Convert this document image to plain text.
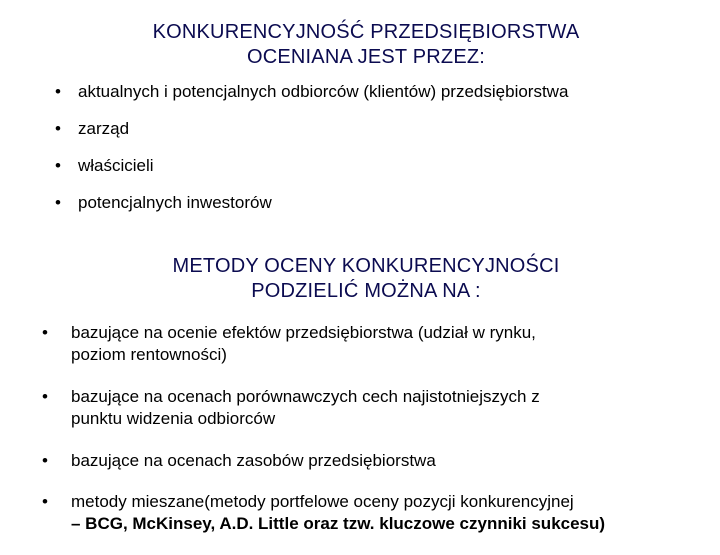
KONKURENCYJNOŚĆ PRZEDSIĘBIORSTWA
OCENIANA JEST PRZEZ:
• aktualnych i potencjalnych odbiorców (klientów) przedsiębiorstwa
• zarząd
• właścicieli
• potencjalnych inwestorów
METODY OCENY KONKURENCYJNOŚCI
PODZIELIĆ MOŻNA NA :
• bazujące na ocenie efektów przedsiębiorstwa (udział w rynku,
poziom rentowności)
• bazujące na ocenach porównawczych cech najistotniejszych z
punktu widzenia odbiorców
• bazujące na ocenach zasobów przedsiębiorstwa
• metody mieszane(metody portfelowe oceny pozycji konkurencyjnej
– BCG, McKinsey, A.D. Little oraz tzw. kluczowe czynniki sukcesu)
